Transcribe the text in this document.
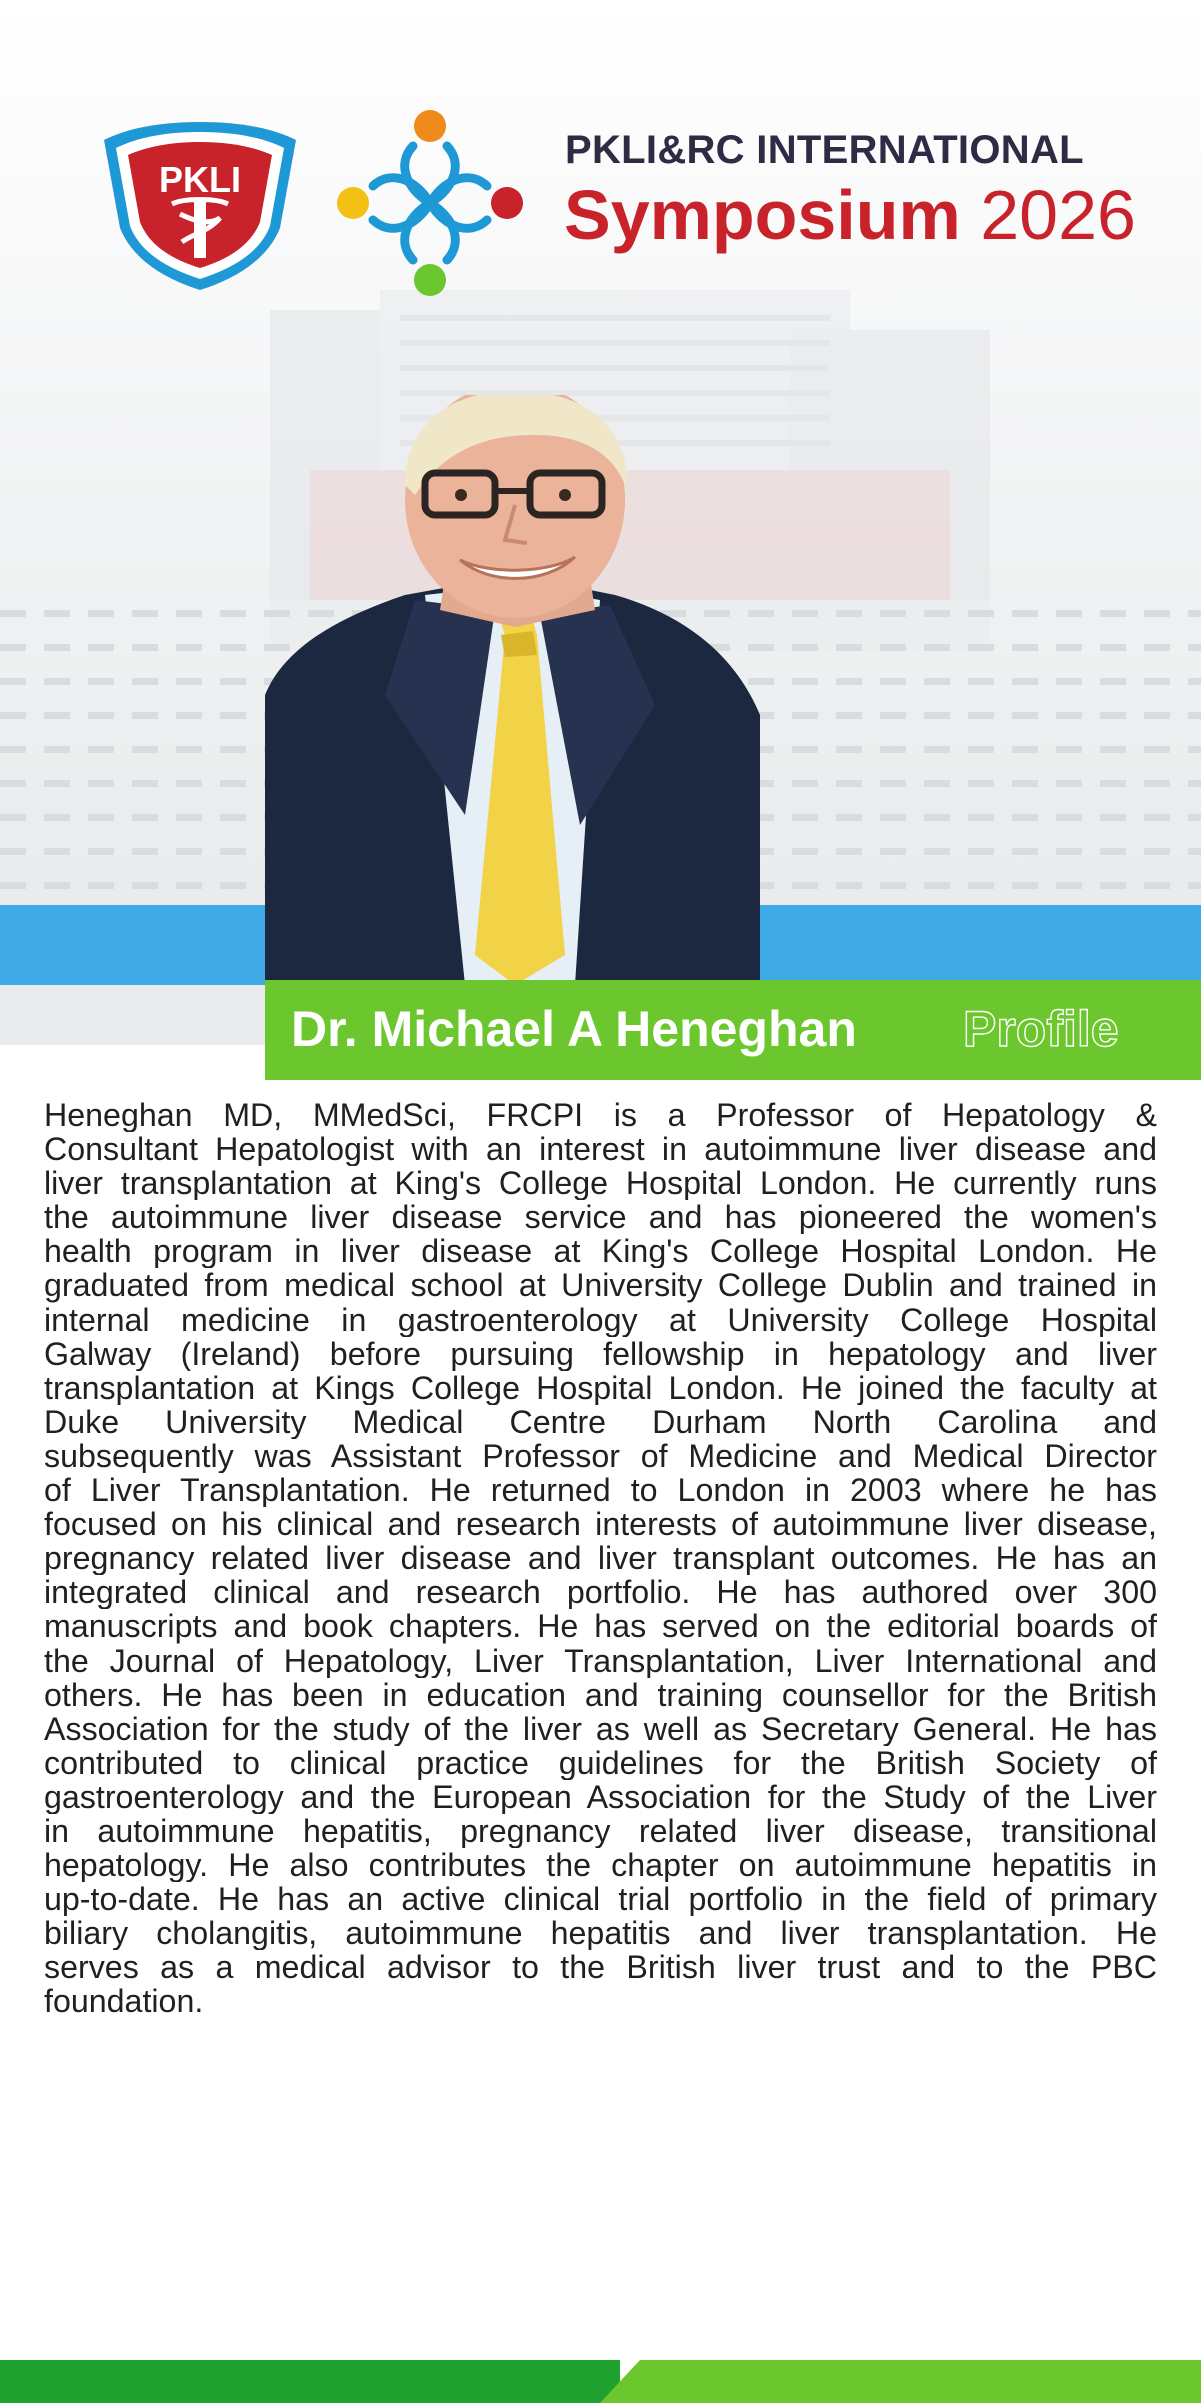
PKLI
PKLI&RC INTERNATIONAL
Symposium 2026
Dr. Michael A Heneghan Profile
Heneghan MD, MMedSci, FRCPI is a Professor of Hepatology &
Consultant Hepatologist with an interest in autoimmune liver disease and
liver transplantation at King's College Hospital London. He currently runs
the autoimmune liver disease service and has pioneered the women's
health program in liver disease at King's College Hospital London. He
graduated from medical school at University College Dublin and trained in
internal medicine in gastroenterology at University College Hospital
Galway (Ireland) before pursuing fellowship in hepatology and liver
transplantation at Kings College Hospital London. He joined the faculty at
Duke University Medical Centre Durham North Carolina and
subsequently was Assistant Professor of Medicine and Medical Director
of Liver Transplantation. He returned to London in 2003 where he has
focused on his clinical and research interests of autoimmune liver disease,
pregnancy related liver disease and liver transplant outcomes. He has an
integrated clinical and research portfolio. He has authored over 300
manuscripts and book chapters. He has served on the editorial boards of
the Journal of Hepatology, Liver Transplantation, Liver International and
others. He has been in education and training counsellor for the British
Association for the study of the liver as well as Secretary General. He has
contributed to clinical practice guidelines for the British Society of
gastroenterology and the European Association for the Study of the Liver
in autoimmune hepatitis, pregnancy related liver disease, transitional
hepatology. He also contributes the chapter on autoimmune hepatitis in
up-to-date. He has an active clinical trial portfolio in the field of primary
biliary cholangitis, autoimmune hepatitis and liver transplantation. He
serves as a medical advisor to the British liver trust and to the PBC
foundation.
